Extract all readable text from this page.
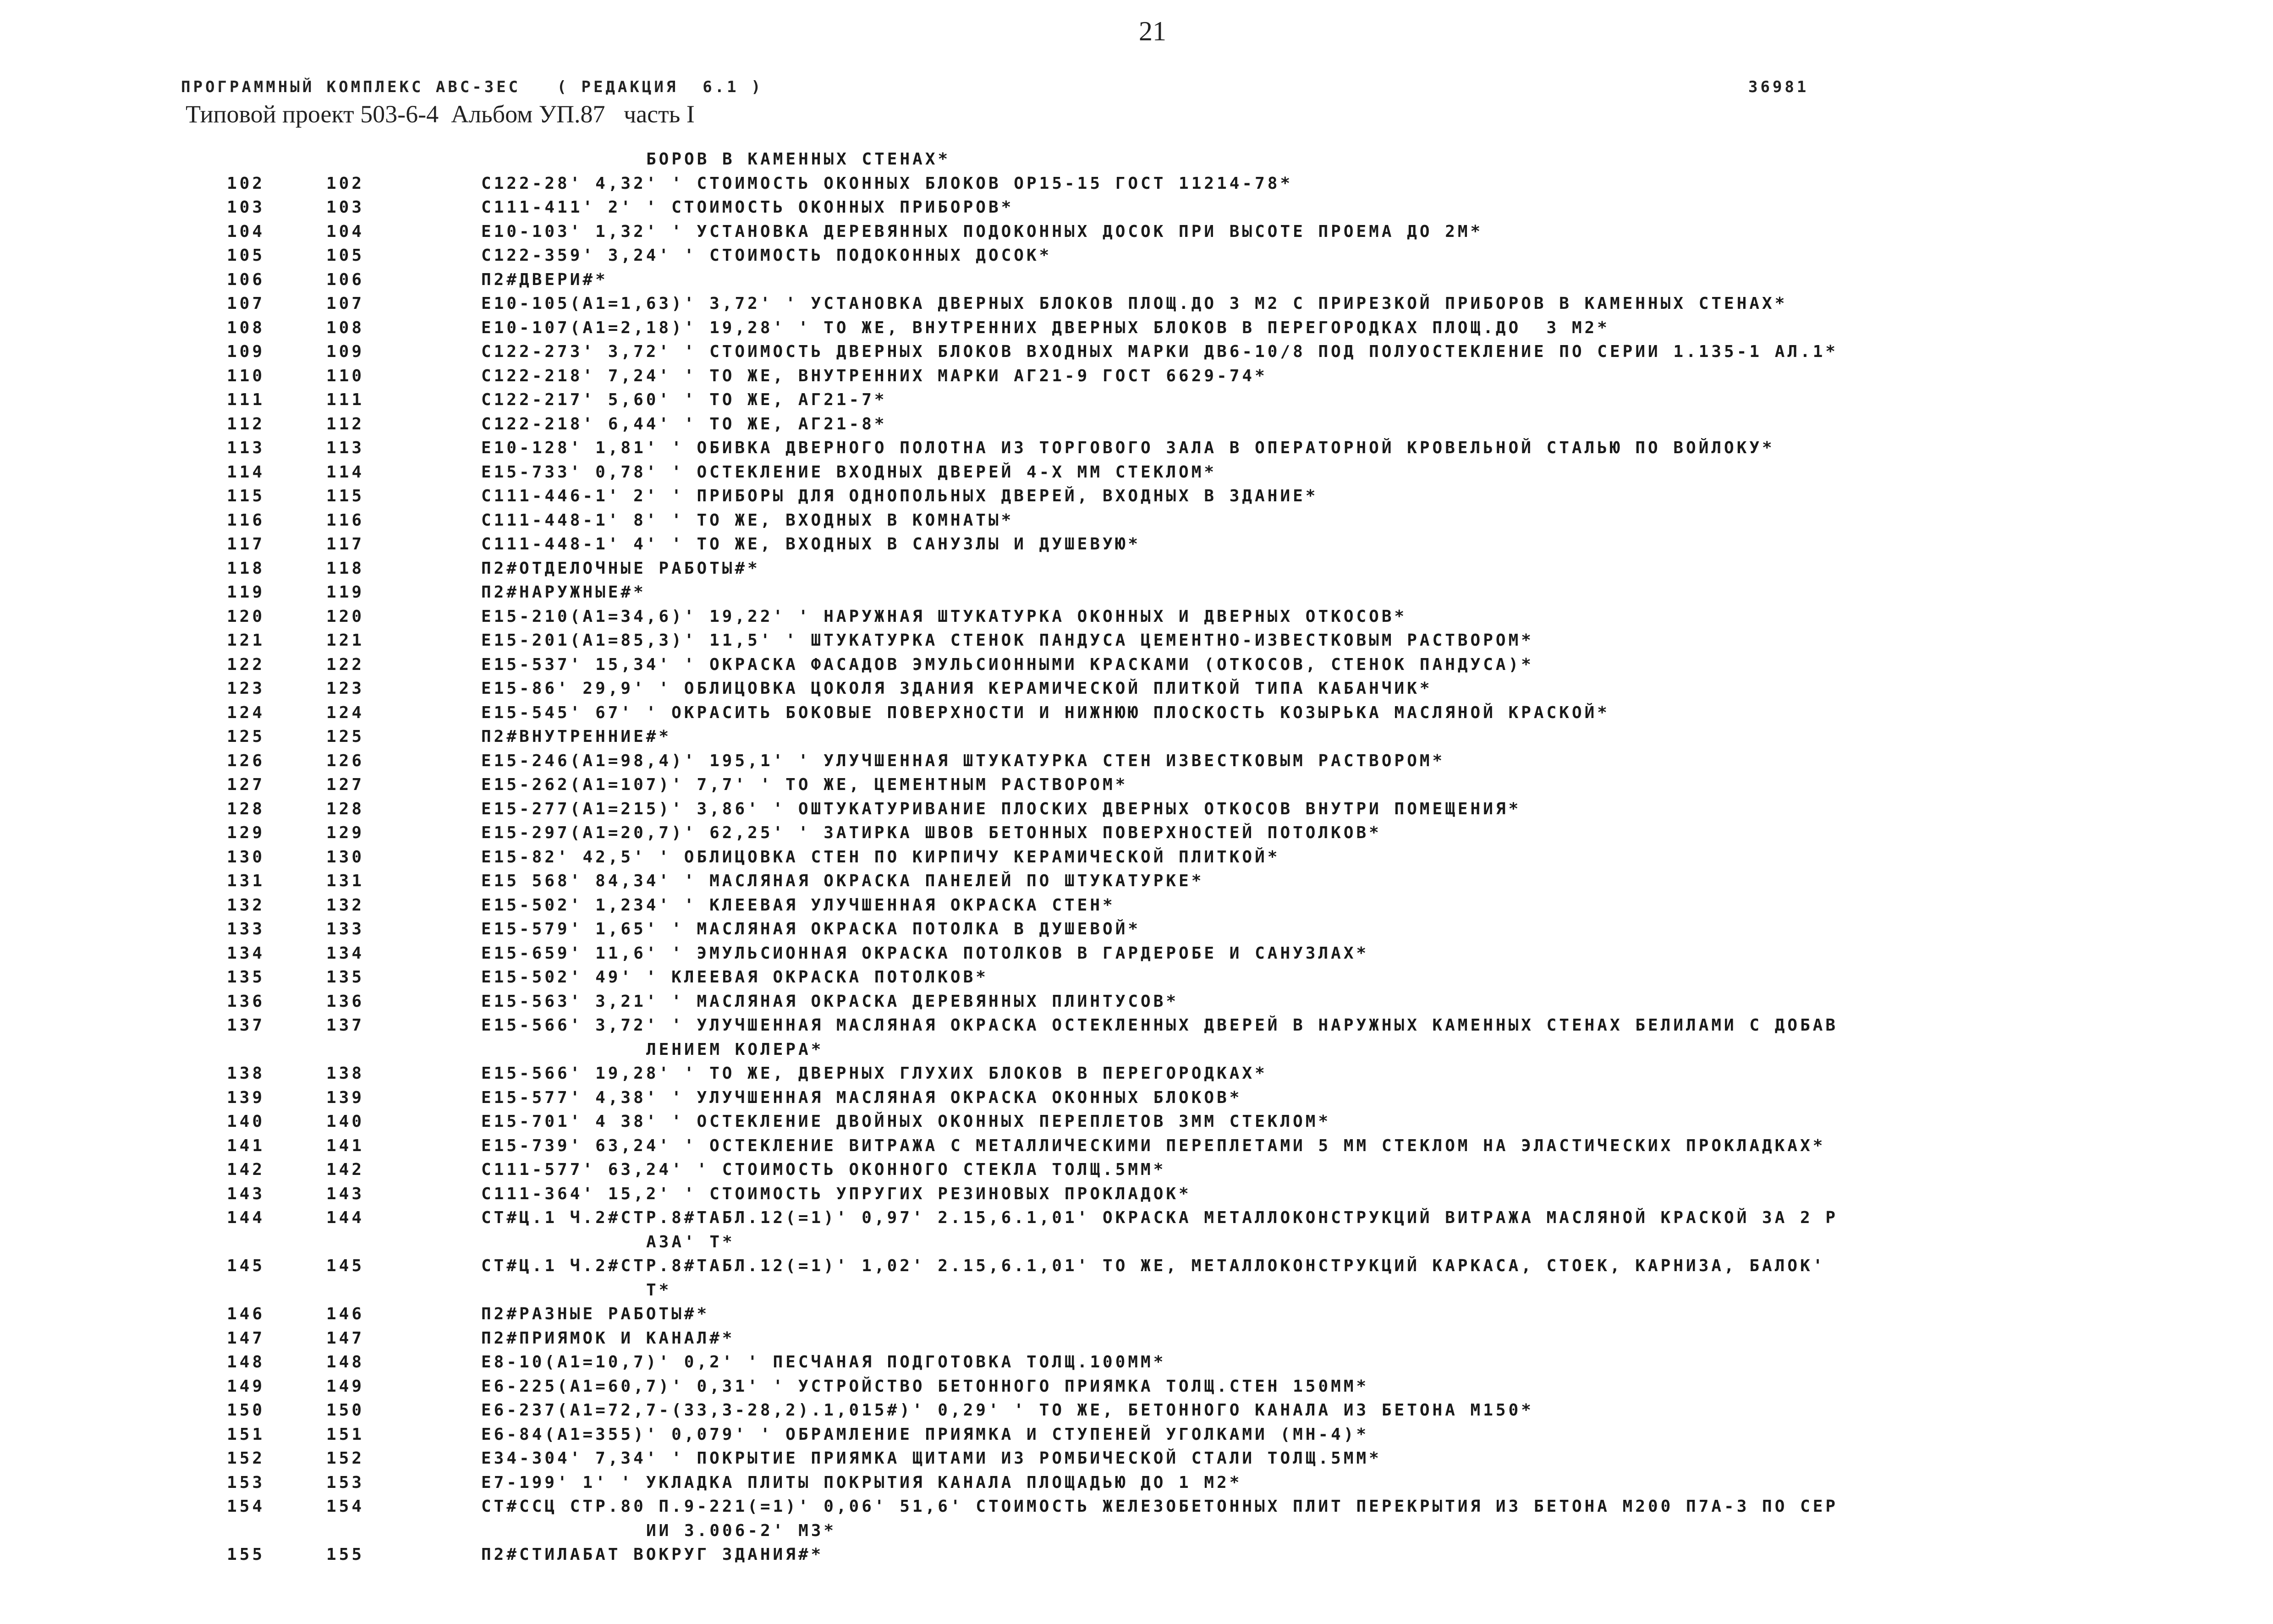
21
ПРОГРАММНЫЙ КОМПЛЕКС АВС-3ЕС   ( РЕДАКЦИЯ  6.1 )	36981
Типовой проект 503-6-4  Альбом УП.87   часть I
БОРОВ В КАМЕННЫХ СТЕНАХ*
102	102	С122-28' 4,32' ' СТОИМОСТЬ ОКОННЫХ БЛОКОВ ОР15-15 ГОСТ 11214-78*
103	103	С111-411' 2' ' СТОИМОСТЬ ОКОННЫХ ПРИБОРОВ*
104	104	Е10-103' 1,32' ' УСТАНОВКА ДЕРЕВЯННЫХ ПОДОКОННЫХ ДОСОК ПРИ ВЫСОТЕ ПРОЕМА ДО 2М*
105	105	С122-359' 3,24' ' СТОИМОСТЬ ПОДОКОННЫХ ДОСОК*
106	106	П2#ДВЕРИ#*
107	107	Е10-105(А1=1,63)' 3,72' ' УСТАНОВКА ДВЕРНЫХ БЛОКОВ ПЛОЩ.ДО 3 М2 С ПРИРЕЗКОЙ ПРИБОРОВ В КАМЕННЫХ СТЕНАХ*
108	108	Е10-107(А1=2,18)' 19,28' ' ТО ЖЕ, ВНУТРЕННИХ ДВЕРНЫХ БЛОКОВ В ПЕРЕГОРОДКАХ ПЛОЩ.ДО  3 М2*
109	109	С122-273' 3,72' ' СТОИМОСТЬ ДВЕРНЫХ БЛОКОВ ВХОДНЫХ МАРКИ ДВ6-10/8 ПОД ПОЛУОСТЕКЛЕНИЕ ПО СЕРИИ 1.135-1 АЛ.1*
110	110	С122-218' 7,24' ' ТО ЖЕ, ВНУТРЕННИХ МАРКИ АГ21-9 ГОСТ 6629-74*
111	111	С122-217' 5,60' ' ТО ЖЕ, АГ21-7*
112	112	С122-218' 6,44' ' ТО ЖЕ, АГ21-8*
113	113	Е10-128' 1,81' ' ОБИВКА ДВЕРНОГО ПОЛОТНА ИЗ ТОРГОВОГО ЗАЛА В ОПЕРАТОРНОЙ КРОВЕЛЬНОЙ СТАЛЬЮ ПО ВОЙЛОКУ*
114	114	Е15-733' 0,78' ' ОСТЕКЛЕНИЕ ВХОДНЫХ ДВЕРЕЙ 4-Х ММ СТЕКЛОМ*
115	115	С111-446-1' 2' ' ПРИБОРЫ ДЛЯ ОДНОПОЛЬНЫХ ДВЕРЕЙ, ВХОДНЫХ В ЗДАНИЕ*
116	116	С111-448-1' 8' ' ТО ЖЕ, ВХОДНЫХ В КОМНАТЫ*
117	117	С111-448-1' 4' ' ТО ЖЕ, ВХОДНЫХ В САНУЗЛЫ И ДУШЕВУЮ*
118	118	П2#ОТДЕЛОЧНЫЕ РАБОТЫ#*
119	119	П2#НАРУЖНЫЕ#*
120	120	Е15-210(А1=34,6)' 19,22' ' НАРУЖНАЯ ШТУКАТУРКА ОКОННЫХ И ДВЕРНЫХ ОТКОСОВ*
121	121	Е15-201(А1=85,3)' 11,5' ' ШТУКАТУРКА СТЕНОК ПАНДУСА ЦЕМЕНТНО-ИЗВЕСТКОВЫМ РАСТВОРОМ*
122	122	Е15-537' 15,34' ' ОКРАСКА ФАСАДОВ ЭМУЛЬСИОННЫМИ КРАСКАМИ (ОТКОСОВ, СТЕНОК ПАНДУСА)*
123	123	Е15-86' 29,9' ' ОБЛИЦОВКА ЦОКОЛЯ ЗДАНИЯ КЕРАМИЧЕСКОЙ ПЛИТКОЙ ТИПА КАБАНЧИК*
124	124	Е15-545' 67' ' ОКРАСИТЬ БОКОВЫЕ ПОВЕРХНОСТИ И НИЖНЮЮ ПЛОСКОСТЬ КОЗЫРЬКА МАСЛЯНОЙ КРАСКОЙ*
125	125	П2#ВНУТРЕННИЕ#*
126	126	Е15-246(А1=98,4)' 195,1' ' УЛУЧШЕННАЯ ШТУКАТУРКА СТЕН ИЗВЕСТКОВЫМ РАСТВОРОМ*
127	127	Е15-262(А1=107)' 7,7' ' ТО ЖЕ, ЦЕМЕНТНЫМ РАСТВОРОМ*
128	128	Е15-277(А1=215)' 3,86' ' ОШТУКАТУРИВАНИЕ ПЛОСКИХ ДВЕРНЫХ ОТКОСОВ ВНУТРИ ПОМЕЩЕНИЯ*
129	129	Е15-297(А1=20,7)' 62,25' ' ЗАТИРКА ШВОВ БЕТОННЫХ ПОВЕРХНОСТЕЙ ПОТОЛКОВ*
130	130	Е15-82' 42,5' ' ОБЛИЦОВКА СТЕН ПО КИРПИЧУ КЕРАМИЧЕСКОЙ ПЛИТКОЙ*
131	131	Е15 568' 84,34' ' МАСЛЯНАЯ ОКРАСКА ПАНЕЛЕЙ ПО ШТУКАТУРКЕ*
132	132	Е15-502' 1,234' ' КЛЕЕВАЯ УЛУЧШЕННАЯ ОКРАСКА СТЕН*
133	133	Е15-579' 1,65' ' МАСЛЯНАЯ ОКРАСКА ПОТОЛКА В ДУШЕВОЙ*
134	134	Е15-659' 11,6' ' ЭМУЛЬСИОННАЯ ОКРАСКА ПОТОЛКОВ В ГАРДЕРОБЕ И САНУЗЛАХ*
135	135	Е15-502' 49' ' КЛЕЕВАЯ ОКРАСКА ПОТОЛКОВ*
136	136	Е15-563' 3,21' ' МАСЛЯНАЯ ОКРАСКА ДЕРЕВЯННЫХ ПЛИНТУСОВ*
137	137	Е15-566' 3,72' ' УЛУЧШЕННАЯ МАСЛЯНАЯ ОКРАСКА ОСТЕКЛЕННЫХ ДВЕРЕЙ В НАРУЖНЫХ КАМЕННЫХ СТЕНАХ БЕЛИЛАМИ С ДОБАВ
ЛЕНИЕМ КОЛЕРА*
138	138	Е15-566' 19,28' ' ТО ЖЕ, ДВЕРНЫХ ГЛУХИХ БЛОКОВ В ПЕРЕГОРОДКАХ*
139	139	Е15-577' 4,38' ' УЛУЧШЕННАЯ МАСЛЯНАЯ ОКРАСКА ОКОННЫХ БЛОКОВ*
140	140	Е15-701' 4 38' ' ОСТЕКЛЕНИЕ ДВОЙНЫХ ОКОННЫХ ПЕРЕПЛЕТОВ 3ММ СТЕКЛОМ*
141	141	Е15-739' 63,24' ' ОСТЕКЛЕНИЕ ВИТРАЖА С МЕТАЛЛИЧЕСКИМИ ПЕРЕПЛЕТАМИ 5 ММ СТЕКЛОМ НА ЭЛАСТИЧЕСКИХ ПРОКЛАДКАХ*
142	142	С111-577' 63,24' ' СТОИМОСТЬ ОКОННОГО СТЕКЛА ТОЛЩ.5ММ*
143	143	С111-364' 15,2' ' СТОИМОСТЬ УПРУГИХ РЕЗИНОВЫХ ПРОКЛАДОК*
144	144	СТ#Ц.1 Ч.2#СТР.8#ТАБЛ.12(=1)' 0,97' 2.15,6.1,01' ОКРАСКА МЕТАЛЛОКОНСТРУКЦИЙ ВИТРАЖА МАСЛЯНОЙ КРАСКОЙ ЗА 2 Р
АЗА' Т*
145	145	СТ#Ц.1 Ч.2#СТР.8#ТАБЛ.12(=1)' 1,02' 2.15,6.1,01' ТО ЖЕ, МЕТАЛЛОКОНСТРУКЦИЙ КАРКАСА, СТОЕК, КАРНИЗА, БАЛОК'
Т*
146	146	П2#РАЗНЫЕ РАБОТЫ#*
147	147	П2#ПРИЯМОК И КАНАЛ#*
148	148	Е8-10(А1=10,7)' 0,2' ' ПЕСЧАНАЯ ПОДГОТОВКА ТОЛЩ.100ММ*
149	149	Е6-225(А1=60,7)' 0,31' ' УСТРОЙСТВО БЕТОННОГО ПРИЯМКА ТОЛЩ.СТЕН 150ММ*
150	150	Е6-237(А1=72,7-(33,3-28,2).1,015#)' 0,29' ' ТО ЖЕ, БЕТОННОГО КАНАЛА ИЗ БЕТОНА М150*
151	151	Е6-84(А1=355)' 0,079' ' ОБРАМЛЕНИЕ ПРИЯМКА И СТУПЕНЕЙ УГОЛКАМИ (МН-4)*
152	152	Е34-304' 7,34' ' ПОКРЫТИЕ ПРИЯМКА ЩИТАМИ ИЗ РОМБИЧЕСКОЙ СТАЛИ ТОЛЩ.5ММ*
153	153	Е7-199' 1' ' УКЛАДКА ПЛИТЫ ПОКРЫТИЯ КАНАЛА ПЛОЩАДЬЮ ДО 1 М2*
154	154	СТ#ССЦ СТР.80 П.9-221(=1)' 0,06' 51,6' СТОИМОСТЬ ЖЕЛЕЗОБЕТОННЫХ ПЛИТ ПЕРЕКРЫТИЯ ИЗ БЕТОНА М200 П7А-3 ПО СЕР
ИИ 3.006-2' М3*
155	155	П2#СТИЛАБАТ ВОКРУГ ЗДАНИЯ#*
